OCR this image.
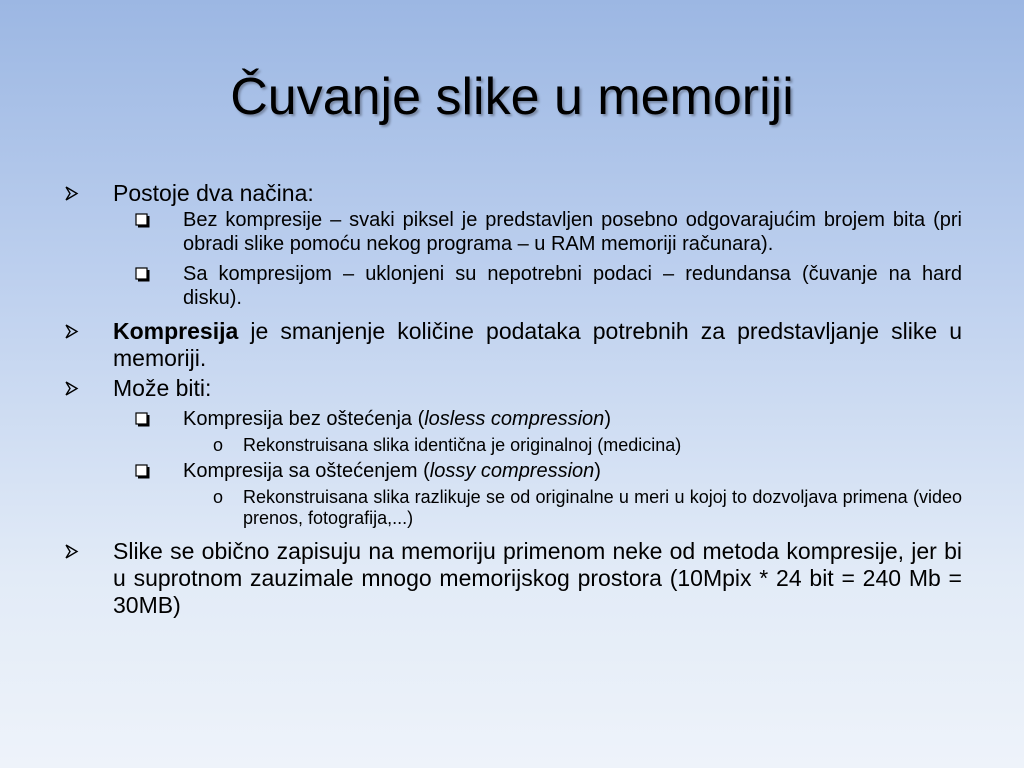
Čuvanje slike u memoriji
Postoje dva načina:
Bez kompresije – svaki piksel je predstavljen posebno odgovarajućim brojem bita (pri obradi slike pomoću nekog programa – u RAM memoriji računara).
Sa kompresijom – uklonjeni su nepotrebni podaci – redundansa (čuvanje na hard disku).
Kompresija je smanjenje količine podataka potrebnih za predstavljanje slike u memoriji.
Može biti:
Kompresija bez oštećenja (losless compression)
o Rekonstruisana slika identična je originalnoj (medicina)
Kompresija sa oštećenjem (lossy compression)
o Rekonstruisana slika razlikuje se od originalne u meri u kojoj to dozvoljava primena (video prenos, fotografija,...)
Slike se obično zapisuju na memoriju primenom neke od metoda kompresije, jer bi u suprotnom zauzimale mnogo memorijskog prostora (10Mpix * 24 bit = 240 Mb = 30MB)
